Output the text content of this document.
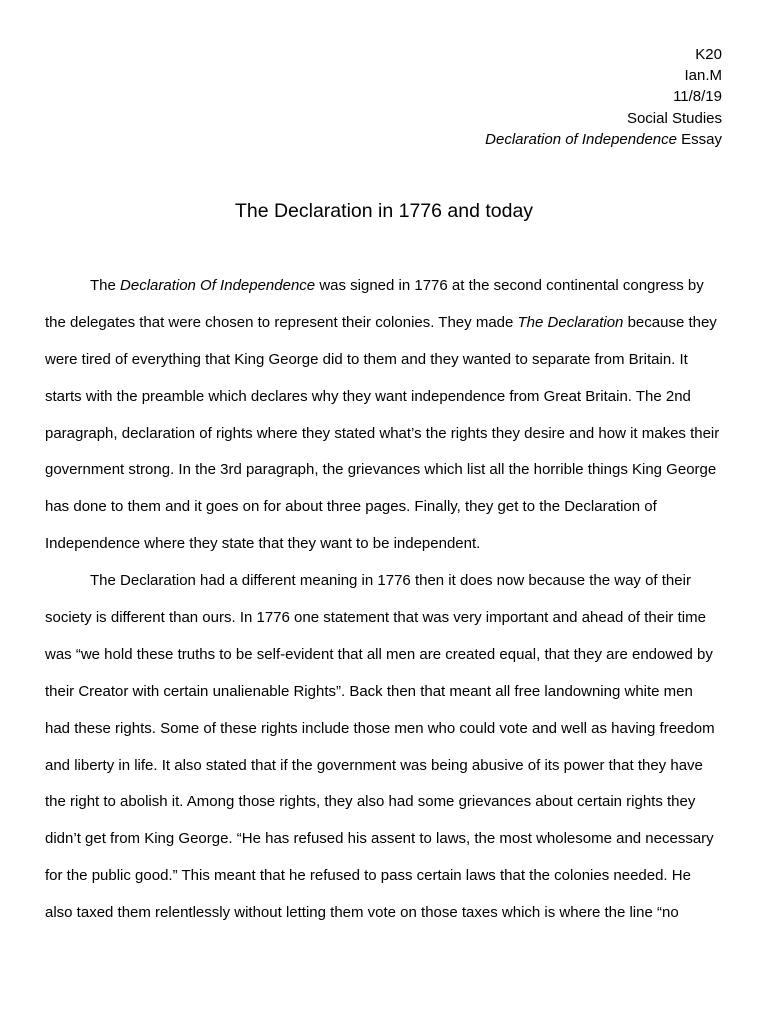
K20
Ian.M
11/8/19
Social Studies
Declaration of Independence Essay
The Declaration in 1776 and today
The Declaration Of Independence was signed in 1776 at the second continental congress by
the delegates that were chosen to represent their colonies. They made The Declaration because they
were tired of everything that King George did to them and they wanted to separate from Britain. It
starts with the preamble which declares why they want independence from Great Britain. The 2nd
paragraph, declaration of rights where they stated what’s the rights they desire and how it makes their
government strong. In the 3rd paragraph, the grievances which list all the horrible things King George
has done to them and it goes on for about three pages. Finally, they get to the Declaration of
Independence where they state that they want to be independent.
The Declaration had a different meaning in 1776 then it does now because the way of their
society is different than ours. In 1776 one statement that was very important and ahead of their time
was “we hold these truths to be self-evident that all men are created equal, that they are endowed by
their Creator with certain unalienable Rights”. Back then that meant all free landowning white men
had these rights. Some of these rights include those men who could vote and well as having freedom
and liberty in life. It also stated that if the government was being abusive of its power that they have
the right to abolish it. Among those rights, they also had some grievances about certain rights they
didn’t get from King George. “He has refused his assent to laws, the most wholesome and necessary
for the public good.” This meant that he refused to pass certain laws that the colonies needed. He
also taxed them relentlessly without letting them vote on those taxes which is where the line “no
